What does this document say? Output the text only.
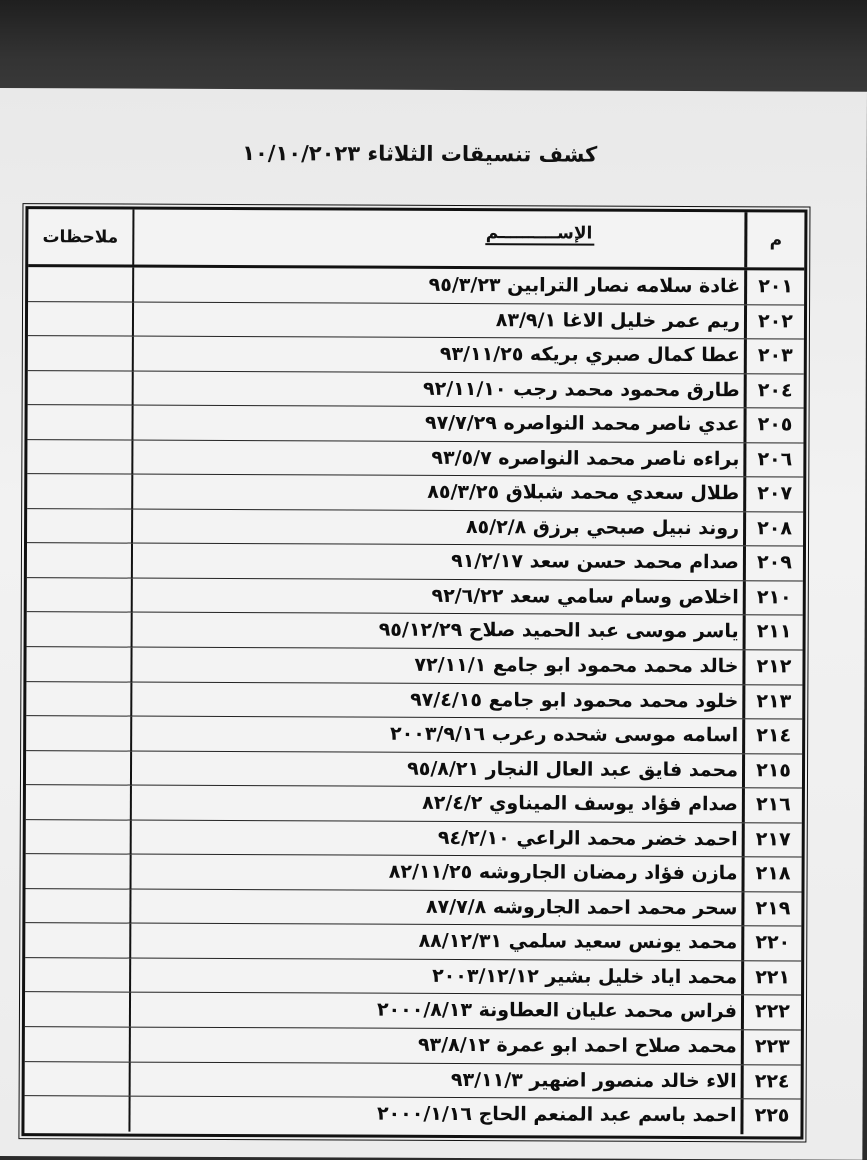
كشف تنسيقات الثلاثاء ١٠/١٠/٢٠٢٣
ملاحظات	الإســــــــــم	م
غادة سلامه نصار الترابين ٩٥/٣/٢٣ ٢٠١
ريم عمر خليل الاغا ٨٣/٩/١ ٢٠٢
عطا كمال صبري بريكه ٩٣/١١/٢٥ ٢٠٣
طارق محمود محمد رجب ٩٢/١١/١٠ ٢٠٤
عدي ناصر محمد النواصره ٩٧/٧/٢٩ ٢٠٥
براءه ناصر محمد النواصره ٩٣/٥/٧ ٢٠٦
طلال سعدي محمد شبلاق ٨٥/٣/٢٥ ٢٠٧
روند نبيل صبحي برزق ٨٥/٢/٨ ٢٠٨
صدام محمد حسن سعد ٩١/٢/١٧ ٢٠٩
اخلاص وسام سامي سعد ٩٢/٦/٢٢ ٢١٠
ياسر موسى عبد الحميد صلاح ٩٥/١٢/٢٩ ٢١١
خالد محمد محمود ابو جامع ٧٢/١١/١ ٢١٢
خلود محمد محمود ابو جامع ٩٧/٤/١٥ ٢١٣
اسامه موسى شحده رعرب ٢٠٠٣/٩/١٦ ٢١٤
محمد فايق عبد العال النجار ٩٥/٨/٢١ ٢١٥
صدام فؤاد يوسف الميناوي ٨٢/٤/٢ ٢١٦
احمد خضر محمد الراعي ٩٤/٢/١٠ ٢١٧
مازن فؤاد رمضان الجاروشه ٨٢/١١/٢٥ ٢١٨
سحر محمد احمد الجاروشه ٨٧/٧/٨ ٢١٩
محمد يونس سعيد سلمي ٨٨/١٢/٣١ ٢٢٠
محمد اياد خليل بشير ٢٠٠٣/١٢/١٢ ٢٢١
فراس محمد عليان العطاونة ٢٠٠٠/٨/١٣ ٢٢٢
محمد صلاح احمد ابو عمرة ٩٣/٨/١٢ ٢٢٣
الاء خالد منصور اضهير ٩٣/١١/٣ ٢٢٤
احمد باسم عبد المنعم الحاج ٢٠٠٠/١/١٦ ٢٢٥
